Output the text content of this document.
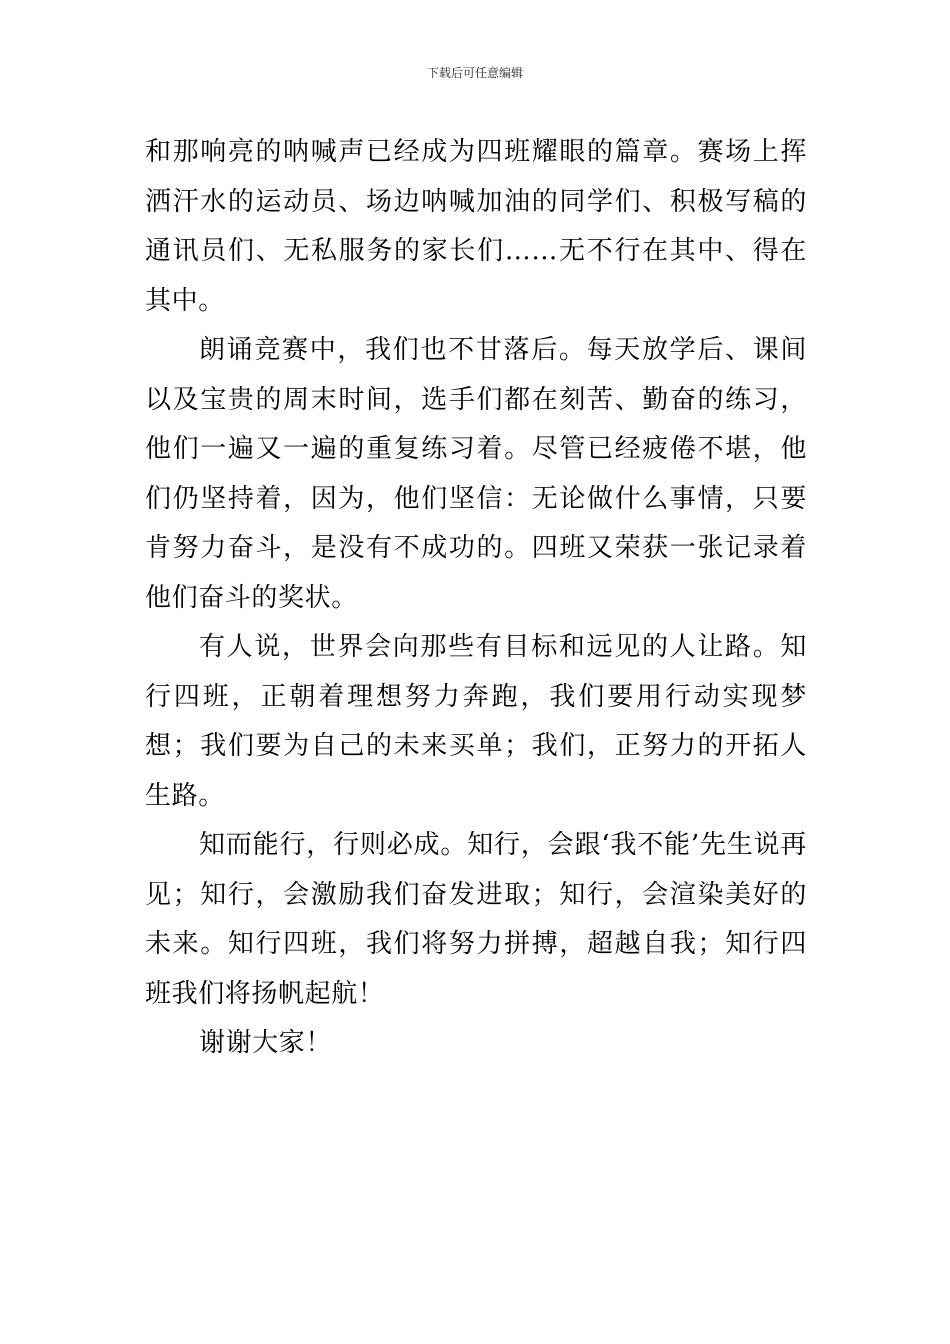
下载后可任意编辑

和那响亮的呐喊声已经成为四班耀眼的篇章。赛场上挥洒汗水的运动员、场边呐喊加油的同学们、积极写稿的通讯员们、无私服务的家长们……无不行在其中、得在其中。

朗诵竞赛中，我们也不甘落后。每天放学后、课间以及宝贵的周末时间，选手们都在刻苦、勤奋的练习，他们一遍又一遍的重复练习着。尽管已经疲倦不堪，他们仍坚持着，因为，他们坚信：无论做什么事情，只要肯努力奋斗，是没有不成功的。四班又荣获一张记录着他们奋斗的奖状。

有人说，世界会向那些有目标和远见的人让路。知行四班，正朝着理想努力奔跑，我们要用行动实现梦想；我们要为自己的未来买单；我们，正努力的开拓人生路。

知而能行，行则必成。知行，会跟‘我不能’先生说再见；知行，会激励我们奋发进取；知行，会渲染美好的未来。知行四班，我们将努力拼搏，超越自我；知行四班我们将扬帆起航！

谢谢大家！
